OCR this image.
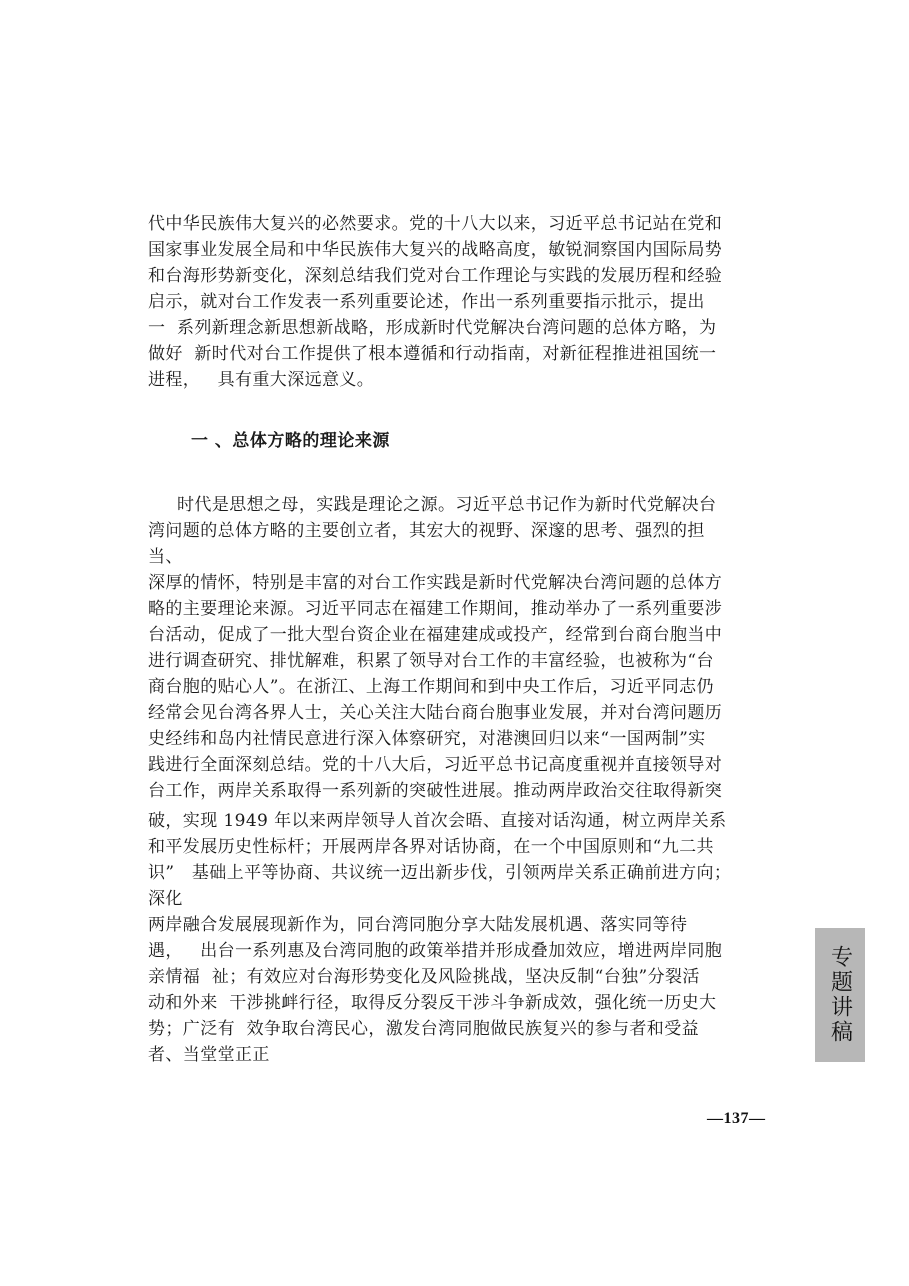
代中华民族伟大复兴的必然要求。党的十八大以来，习近平总书记站在党和
国家事业发展全局和中华民族伟大复兴的战略高度，敏锐洞察国内国际局势
和台海形势新变化，深刻总结我们党对台工作理论与实践的发展历程和经验
启示，就对台工作发表一系列重要论述，作出一系列重要指示批示，提出
一  系列新理念新思想新战略，形成新时代党解决台湾问题的总体方略，为
做好  新时代对台工作提供了根本遵循和行动指南，对新征程推进祖国统一
进程，   具有重大深远意义。
一 、总体方略的理论来源
时代是思想之母，实践是理论之源。习近平总书记作为新时代党解决台
湾问题的总体方略的主要创立者，其宏大的视野、深邃的思考、强烈的担
当、
深厚的情怀，特别是丰富的对台工作实践是新时代党解决台湾问题的总体方
略的主要理论来源。习近平同志在福建工作期间，推动举办了一系列重要涉
台活动，促成了一批大型台资企业在福建建成或投产，经常到台商台胞当中
进行调查研究、排忧解难，积累了领导对台工作的丰富经验，也被称为“台
商台胞的贴心人”。在浙江、上海工作期间和到中央工作后，习近平同志仍
经常会见台湾各界人士，关心关注大陆台商台胞事业发展，并对台湾问题历
史经纬和岛内社情民意进行深入体察研究，对港澳回归以来“一国两制”实
践进行全面深刻总结。党的十八大后，习近平总书记高度重视并直接领导对
台工作，两岸关系取得一系列新的突破性进展。推动两岸政治交往取得新突
破，实现 1949 年以来两岸领导人首次会晤、直接对话沟通，树立两岸关系
和平发展历史性标杆；开展两岸各界对话协商，在一个中国原则和“九二共
识”   基础上平等协商、共议统一迈出新步伐，引领两岸关系正确前进方向；
深化
两岸融合发展展现新作为，同台湾同胞分享大陆发展机遇、落实同等待
遇，   出台一系列惠及台湾同胞的政策举措并形成叠加效应，增进两岸同胞
亲情福  祉；有效应对台海形势变化及风险挑战，坚决反制“台独”分裂活
动和外来  干涉挑衅行径，取得反分裂反干涉斗争新成效，强化统一历史大
势；广泛有  效争取台湾民心，激发台湾同胞做民族复兴的参与者和受益
者、当堂堂正正
专题讲稿
—137—
